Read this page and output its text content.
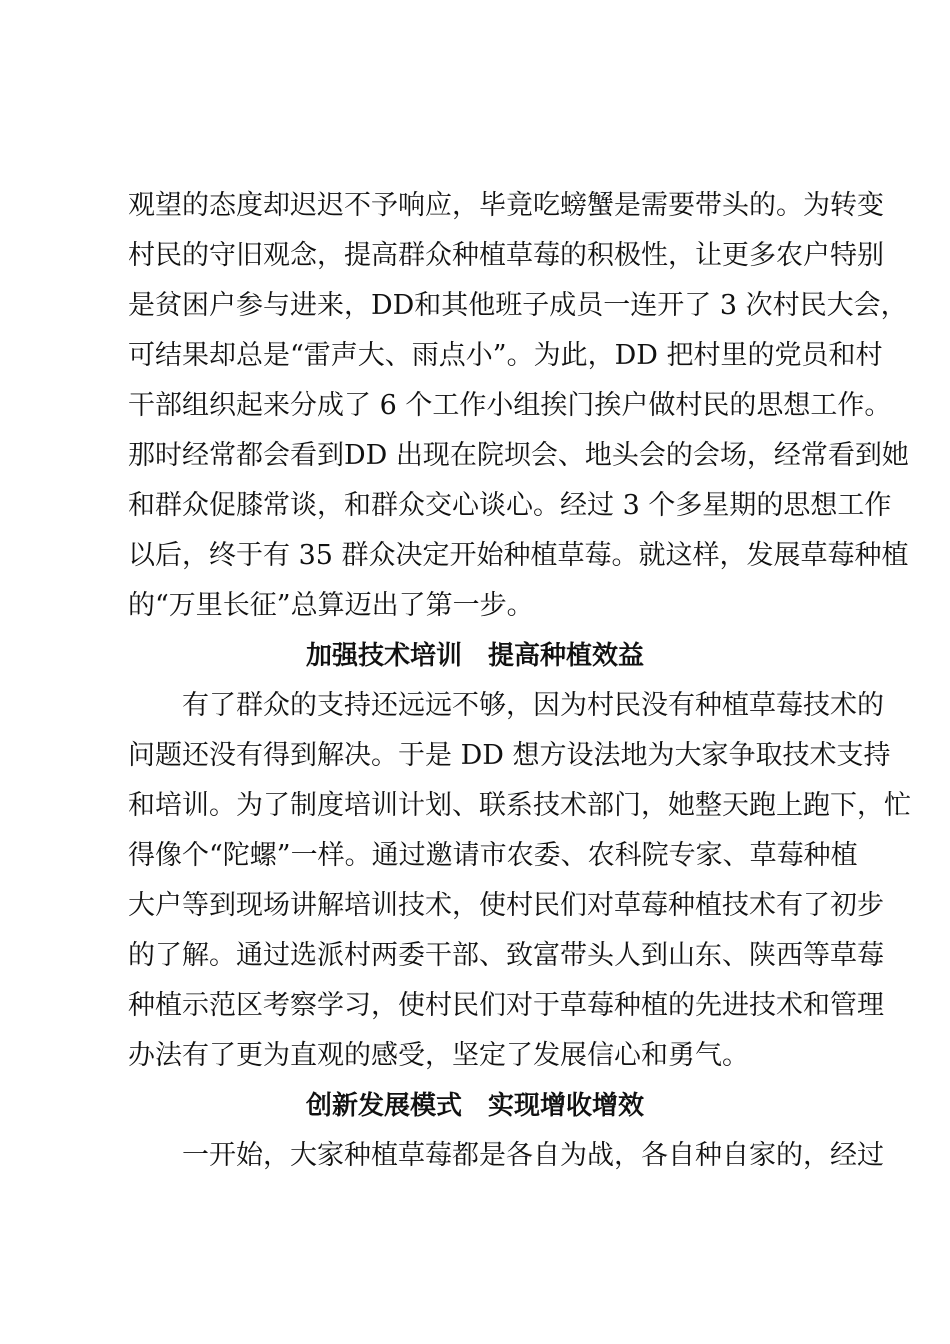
观望的态度却迟迟不予响应，毕竟吃螃蟹是需要带头的。为转变
村民的守旧观念，提高群众种植草莓的积极性，让更多农户特别
是贫困户参与进来，DD和其他班子成员一连开了 3 次村民大会，
可结果却总是“雷声大、雨点小”。为此，DD 把村里的党员和村
干部组织起来分成了 6 个工作小组挨门挨户做村民的思想工作。
那时经常都会看到DD 出现在院坝会、地头会的会场，经常看到她
和群众促膝常谈，和群众交心谈心。经过 3 个多星期的思想工作
以后，终于有 35 群众决定开始种植草莓。就这样，发展草莓种植
的“万里长征”总算迈出了第一步。
加强技术培训　提高种植效益
有了群众的支持还远远不够，因为村民没有种植草莓技术的
问题还没有得到解决。于是 DD 想方设法地为大家争取技术支持
和培训。为了制度培训计划、联系技术部门，她整天跑上跑下，忙
得像个“陀螺”一样。通过邀请市农委、农科院专家、草莓种植
大户等到现场讲解培训技术，使村民们对草莓种植技术有了初步
的了解。通过选派村两委干部、致富带头人到山东、陕西等草莓
种植示范区考察学习，使村民们对于草莓种植的先进技术和管理
办法有了更为直观的感受，坚定了发展信心和勇气。
创新发展模式　实现增收增效
一开始，大家种植草莓都是各自为战，各自种自家的，经过
